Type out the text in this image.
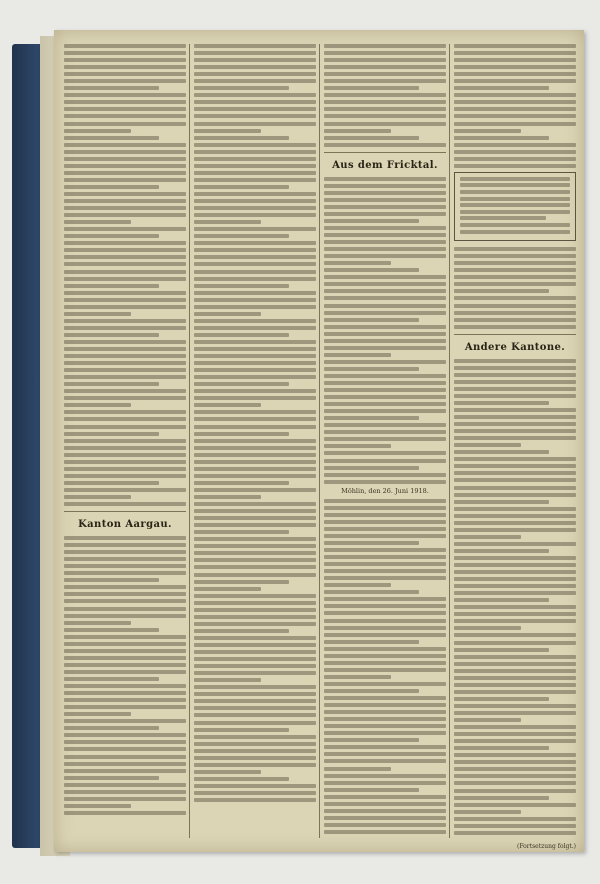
Kanton Aargau.
Aus dem Fricktal.
Möhlin, den 26. Juni 1918.
Andere Kantone.
(Fortsetzung folgt.)
